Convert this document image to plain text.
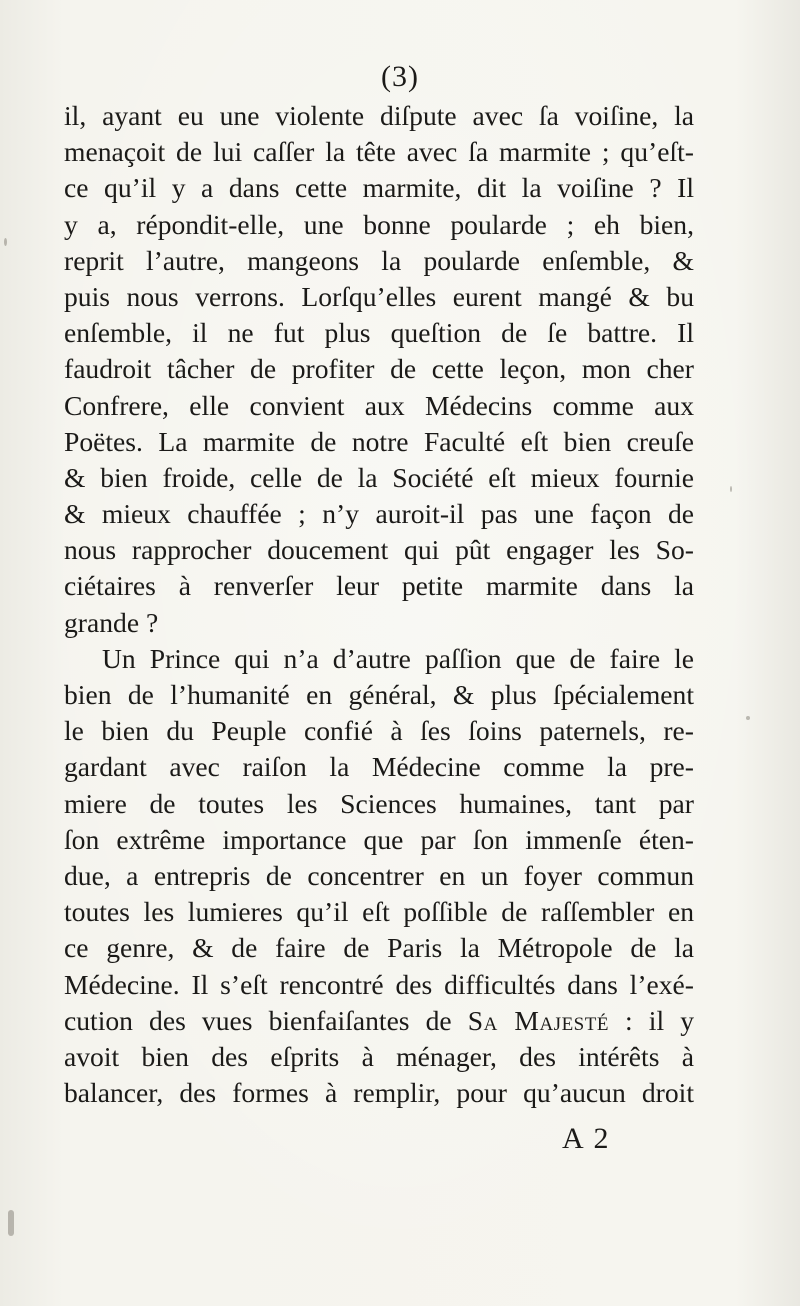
(3)
il, ayant eu une violente diſpute avec ſa voiſine, la
menaçoit de lui caſſer la tête avec ſa marmite ; qu’eſt-
ce qu’il y a dans cette marmite, dit la voiſine ? Il
y a, répondit-elle, une bonne poularde ; eh bien,
reprit l’autre, mangeons la poularde enſemble, &
puis nous verrons. Lorſqu’elles eurent mangé & bu
enſemble, il ne fut plus queſtion de ſe battre. Il
faudroit tâcher de profiter de cette leçon, mon cher
Confrere, elle convient aux Médecins comme aux
Poëtes. La marmite de notre Faculté eſt bien creuſe
& bien froide, celle de la Société eſt mieux fournie
& mieux chauffée ; n’y auroit-il pas une façon de
nous rapprocher doucement qui pût engager les So-
ciétaires à renverſer leur petite marmite dans la
grande ?
Un Prince qui n’a d’autre paſſion que de faire le
bien de l’humanité en général, & plus ſpécialement
le bien du Peuple confié à ſes ſoins paternels, re-
gardant avec raiſon la Médecine comme la pre-
miere de toutes les Sciences humaines, tant par
ſon extrême importance que par ſon immenſe éten-
due, a entrepris de concentrer en un foyer commun
toutes les lumieres qu’il eſt poſſible de raſſembler en
ce genre, & de faire de Paris la Métropole de la
Médecine. Il s’eſt rencontré des difficultés dans l’exé-
cution des vues bienfaiſantes de Sa Majesté : il y
avoit bien des eſprits à ménager, des intérêts à
balancer, des formes à remplir, pour qu’aucun droit
A 2
